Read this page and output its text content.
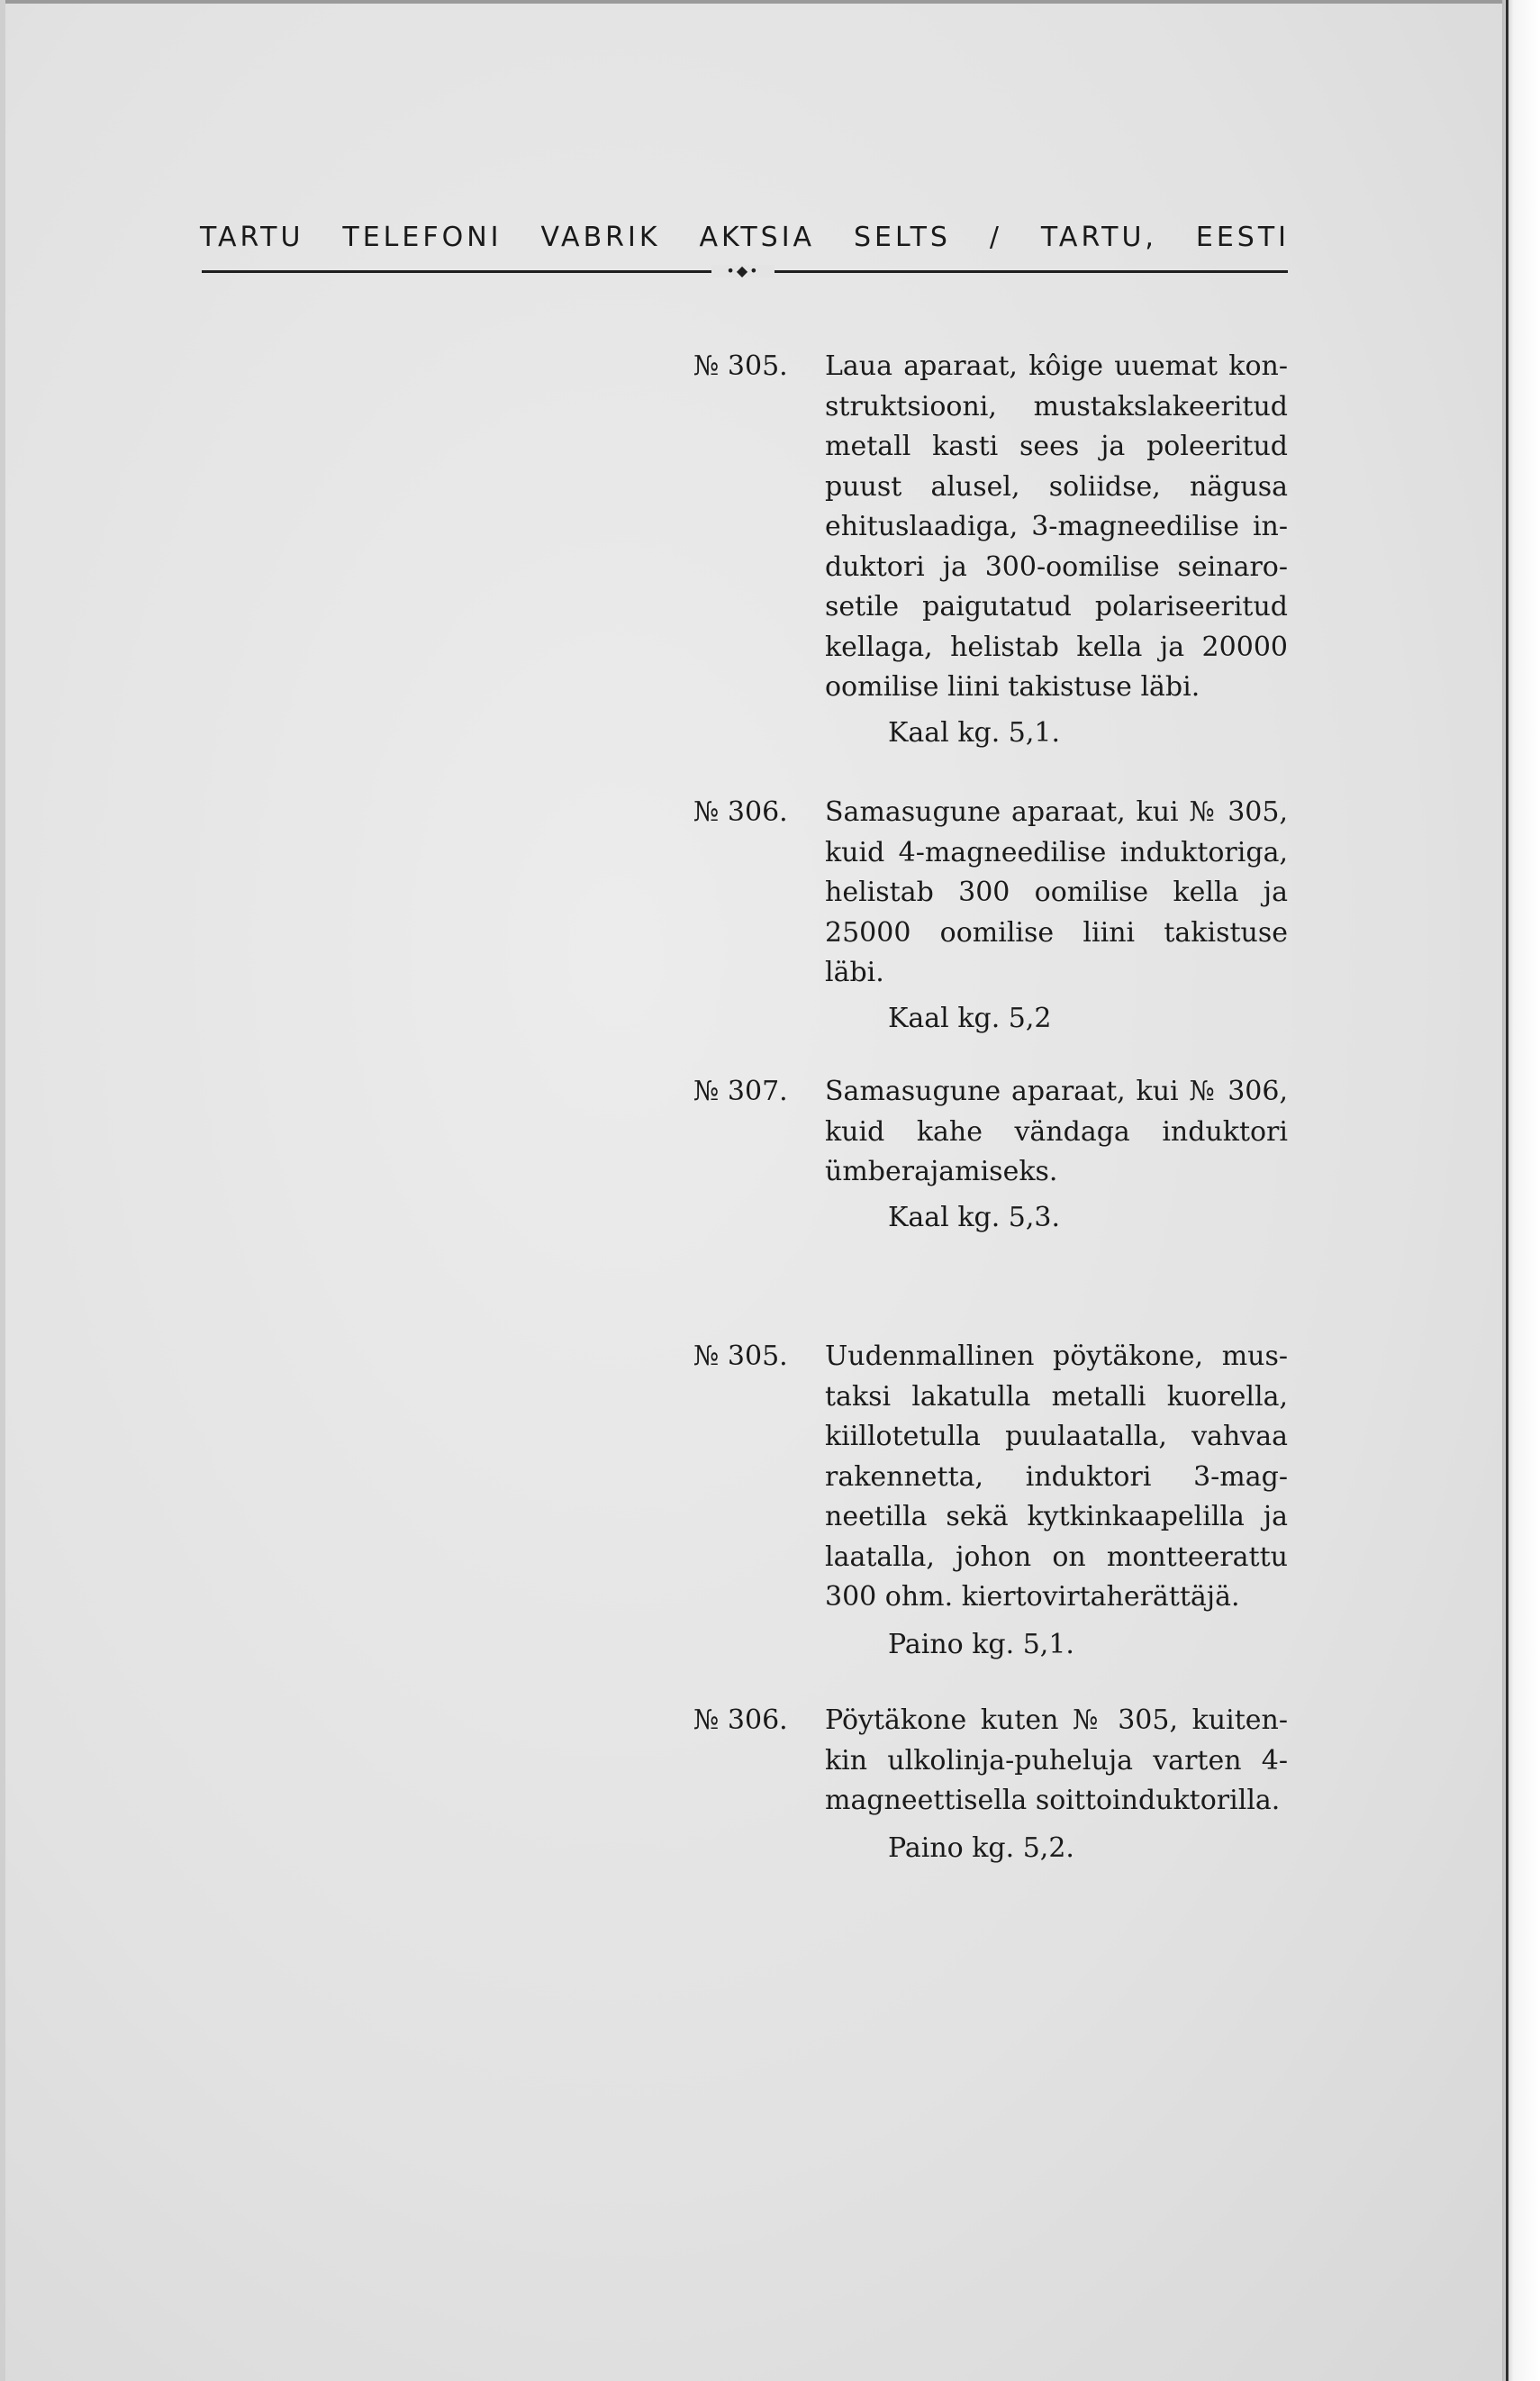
TARTU TELEFONI VABRIK AKTSIA SELTS / TARTU, EESTI
•◆•
№ 305. Laua aparaat, kôige uuemat konstruktsiooni, mustakslakeeritud metall kasti sees ja poleeritud puust alusel, soliidse, nägusa ehituslaadiga, 3-magneedilise induktori ja 300-oomilise seinarosetile paigutatud polariseeritud kellaga, helistab kella ja 20000 oomilise liini takistuse läbi.
Kaal kg. 5,1.
№ 306. Samasugune aparaat, kui № 305, kuid 4-magneedilise induktoriga, helistab 300 oomilise kella ja 25000 oomilise liini takistuse läbi.
Kaal kg. 5,2
№ 307. Samasugune aparaat, kui № 306, kuid kahe vändaga induktori ümberajamiseks.
Kaal kg. 5,3.
№ 305. Uudenmallinen pöytäkone, mustaksi lakatulla metalli kuorella, kiillotetulla puulaatalla, vahvaa rakennetta, induktori 3-magneetilla sekä kytkinkaapelilla ja laatalla, johon on montteerattu 300 ohm. kiertovirtaherättäjä.
Paino kg. 5,1.
№ 306. Pöytäkone kuten № 305, kuitenkin ulkolinja-puheluja varten 4-magneettisella soittoinduktorilla.
Paino kg. 5,2.
